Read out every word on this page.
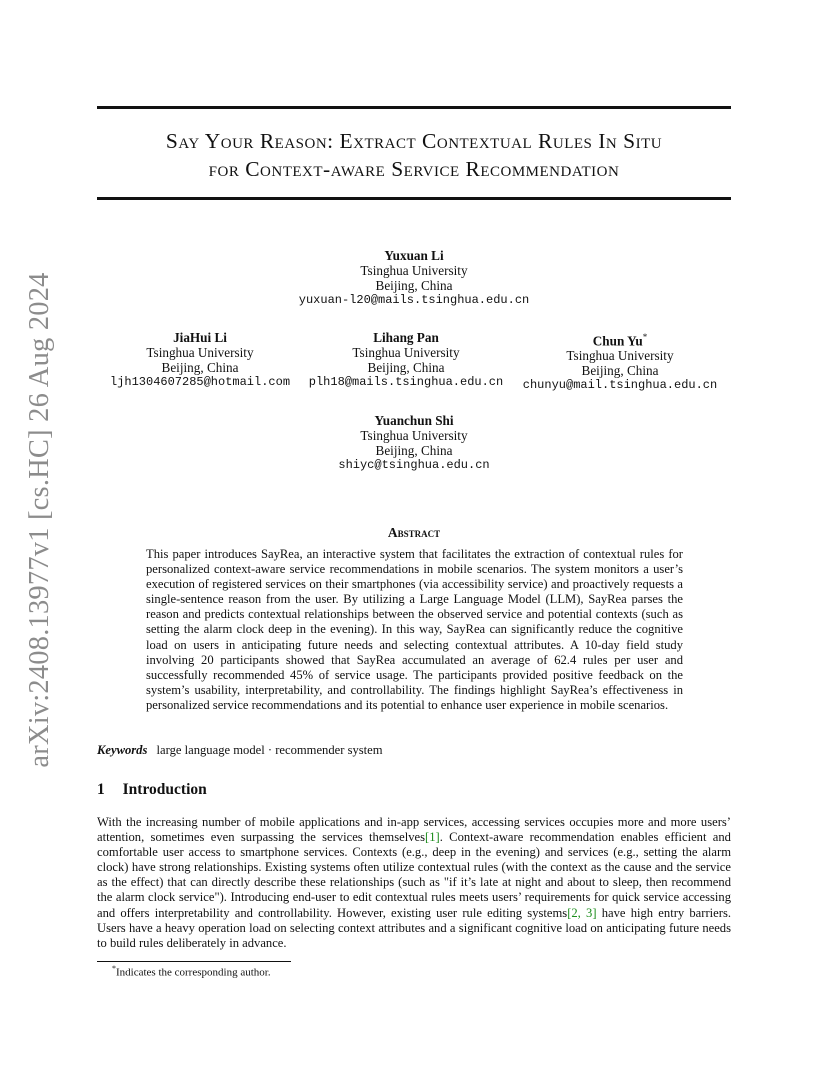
arXiv:2408.13977v1 [cs.HC] 26 Aug 2024
Say Your Reason: Extract Contextual Rules In Situ
for Context-aware Service Recommendation
Yuxuan Li
Tsinghua University
Beijing, China
yuxuan-l20@mails.tsinghua.edu.cn
JiaHui Li
Tsinghua University
Beijing, China
ljh1304607285@hotmail.com
Lihang Pan
Tsinghua University
Beijing, China
plh18@mails.tsinghua.edu.cn
Chun Yu*
Tsinghua University
Beijing, China
chunyu@mail.tsinghua.edu.cn
Yuanchun Shi
Tsinghua University
Beijing, China
shiyc@tsinghua.edu.cn
Abstract
This paper introduces SayRea, an interactive system that facilitates the extraction of contextual rules for personalized context-aware service recommendations in mobile scenarios. The system monitors a user’s execution of registered services on their smartphones (via accessibility service) and proactively requests a single-sentence reason from the user. By utilizing a Large Language Model (LLM), SayRea parses the reason and predicts contextual relationships between the observed service and potential contexts (such as setting the alarm clock deep in the evening). In this way, SayRea can significantly reduce the cognitive load on users in anticipating future needs and selecting contextual attributes. A 10-day field study involving 20 participants showed that SayRea accumulated an average of 62.4 rules per user and successfully recommended 45% of service usage. The participants provided positive feedback on the system’s usability, interpretability, and controllability. The findings highlight SayRea’s effectiveness in personalized service recommendations and its potential to enhance user experience in mobile scenarios.
Keywords large language model · recommender system
1 Introduction
With the increasing number of mobile applications and in-app services, accessing services occupies more and more users’ attention, sometimes even surpassing the services themselves[1]. Context-aware recommendation enables efficient and comfortable user access to smartphone services. Contexts (e.g., deep in the evening) and services (e.g., setting the alarm clock) have strong relationships. Existing systems often utilize contextual rules (with the context as the cause and the service as the effect) that can directly describe these relationships (such as "if it’s late at night and about to sleep, then recommend the alarm clock service"). Introducing end-user to edit contextual rules meets users’ requirements for quick service accessing and offers interpretability and controllability. However, existing user rule editing systems[2, 3] have high entry barriers. Users have a heavy operation load on selecting context attributes and a significant cognitive load on anticipating future needs to build rules deliberately in advance.
*Indicates the corresponding author.
